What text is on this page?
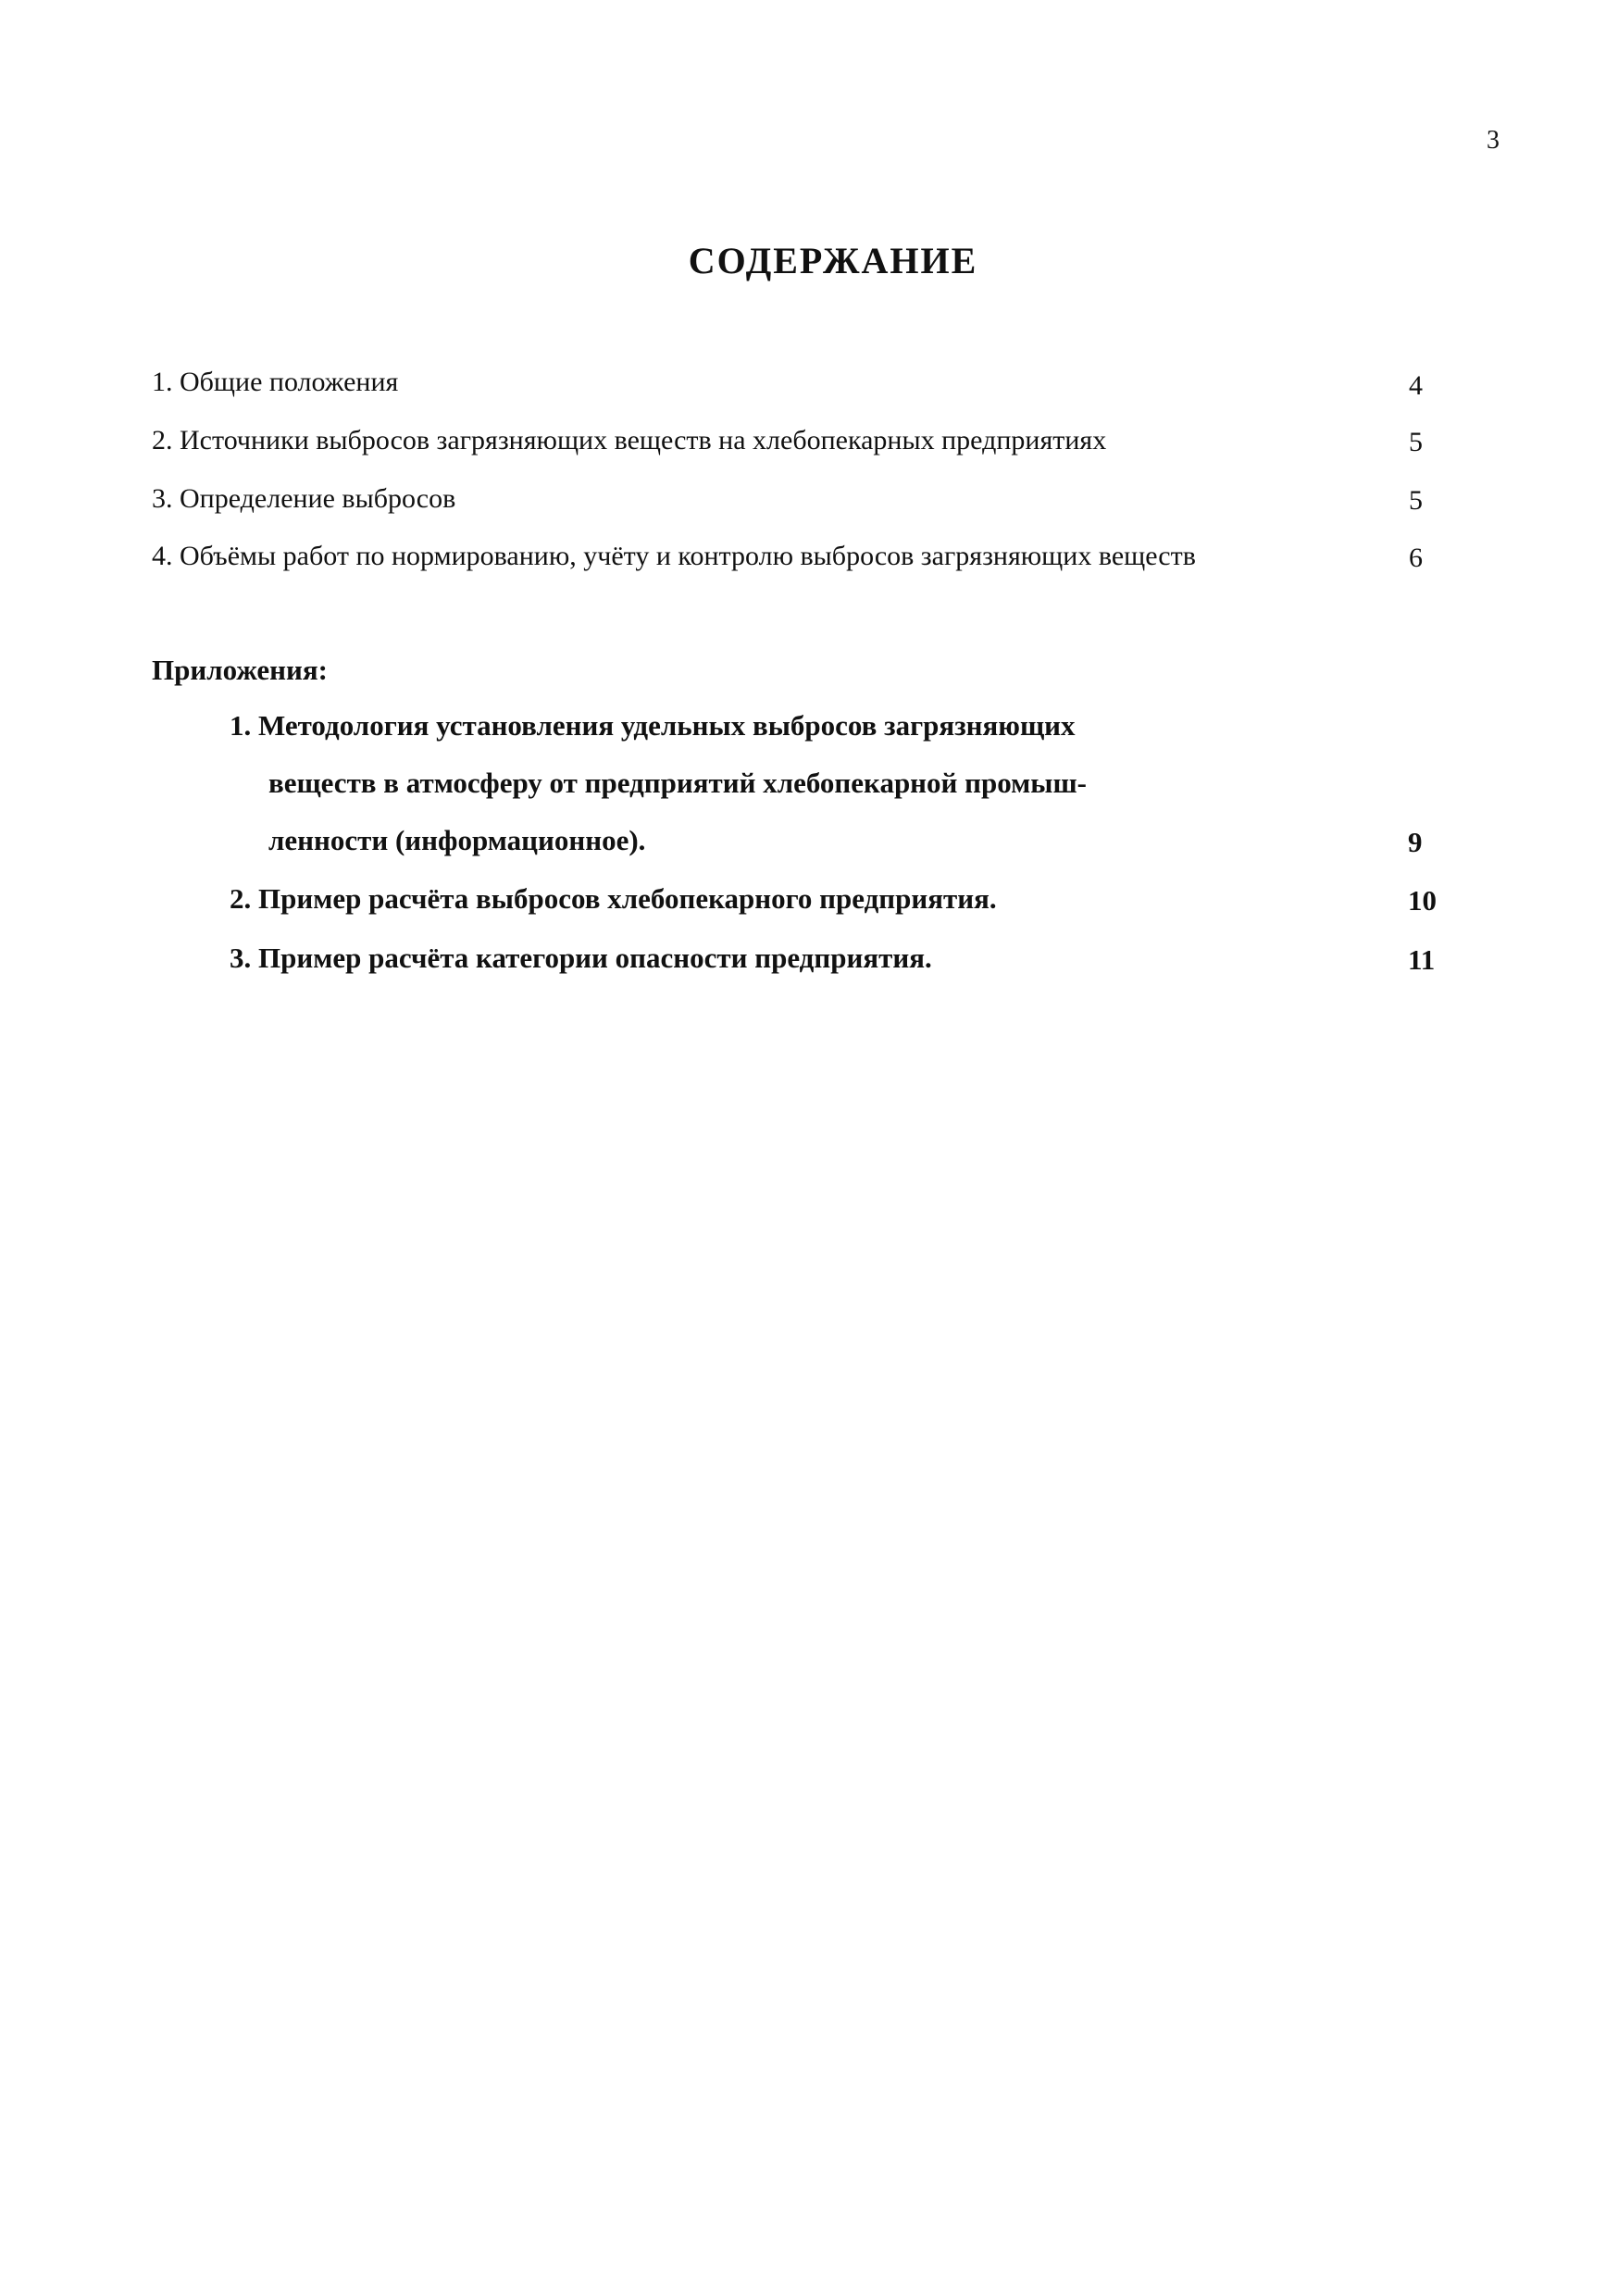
3
СОДЕРЖАНИЕ
1. Общие положения	4
2. Источники выбросов загрязняющих веществ на хлебопекарных предприятиях	5
3. Определение выбросов	5
4. Объёмы работ по нормированию, учёту и контролю выбросов загрязняющих веществ	6
Приложения:
1. Методология установления удельных выбросов загрязняющих
веществ в атмосферу от предприятий хлебопекарной промыш-
ленности (информационное).	9
2. Пример расчёта выбросов хлебопекарного предприятия.	10
3. Пример расчёта категории опасности предприятия.	11
